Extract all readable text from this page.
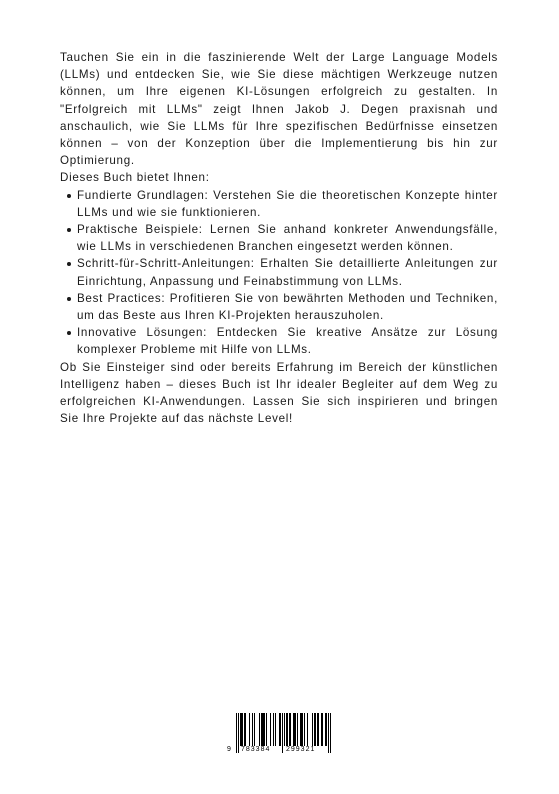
Tauchen Sie ein in die faszinierende Welt der Large Language Models (LLMs) und entdecken Sie, wie Sie diese mächtigen Werkzeuge nutzen können, um Ihre eigenen KI-Lösungen erfolgreich zu gestalten. In "Erfolgreich mit LLMs" zeigt Ihnen Jakob J. Degen praxisnah und anschaulich, wie Sie LLMs für Ihre spezifischen Bedürfnisse einsetzen können – von der Konzeption über die Implementierung bis hin zur Optimierung.

Dieses Buch bietet Ihnen:

Fundierte Grundlagen: Verstehen Sie die theoretischen Konzepte hinter LLMs und wie sie funktionieren.
Praktische Beispiele: Lernen Sie anhand konkreter Anwendungsfälle, wie LLMs in verschiedenen Branchen eingesetzt werden können.
Schritt-für-Schritt-Anleitungen: Erhalten Sie detaillierte Anleitungen zur Einrichtung, Anpassung und Feinabstimmung von LLMs.
Best Practices: Profitieren Sie von bewährten Methoden und Techniken, um das Beste aus Ihren KI-Projekten herauszuholen.
Innovative Lösungen: Entdecken Sie kreative Ansätze zur Lösung komplexer Probleme mit Hilfe von LLMs.

Ob Sie Einsteiger sind oder bereits Erfahrung im Bereich der künstlichen Intelligenz haben – dieses Buch ist Ihr idealer Begleiter auf dem Weg zu erfolgreichen KI-Anwendungen. Lassen Sie sich inspirieren und bringen Sie Ihre Projekte auf das nächste Level!

9 783384 299321
